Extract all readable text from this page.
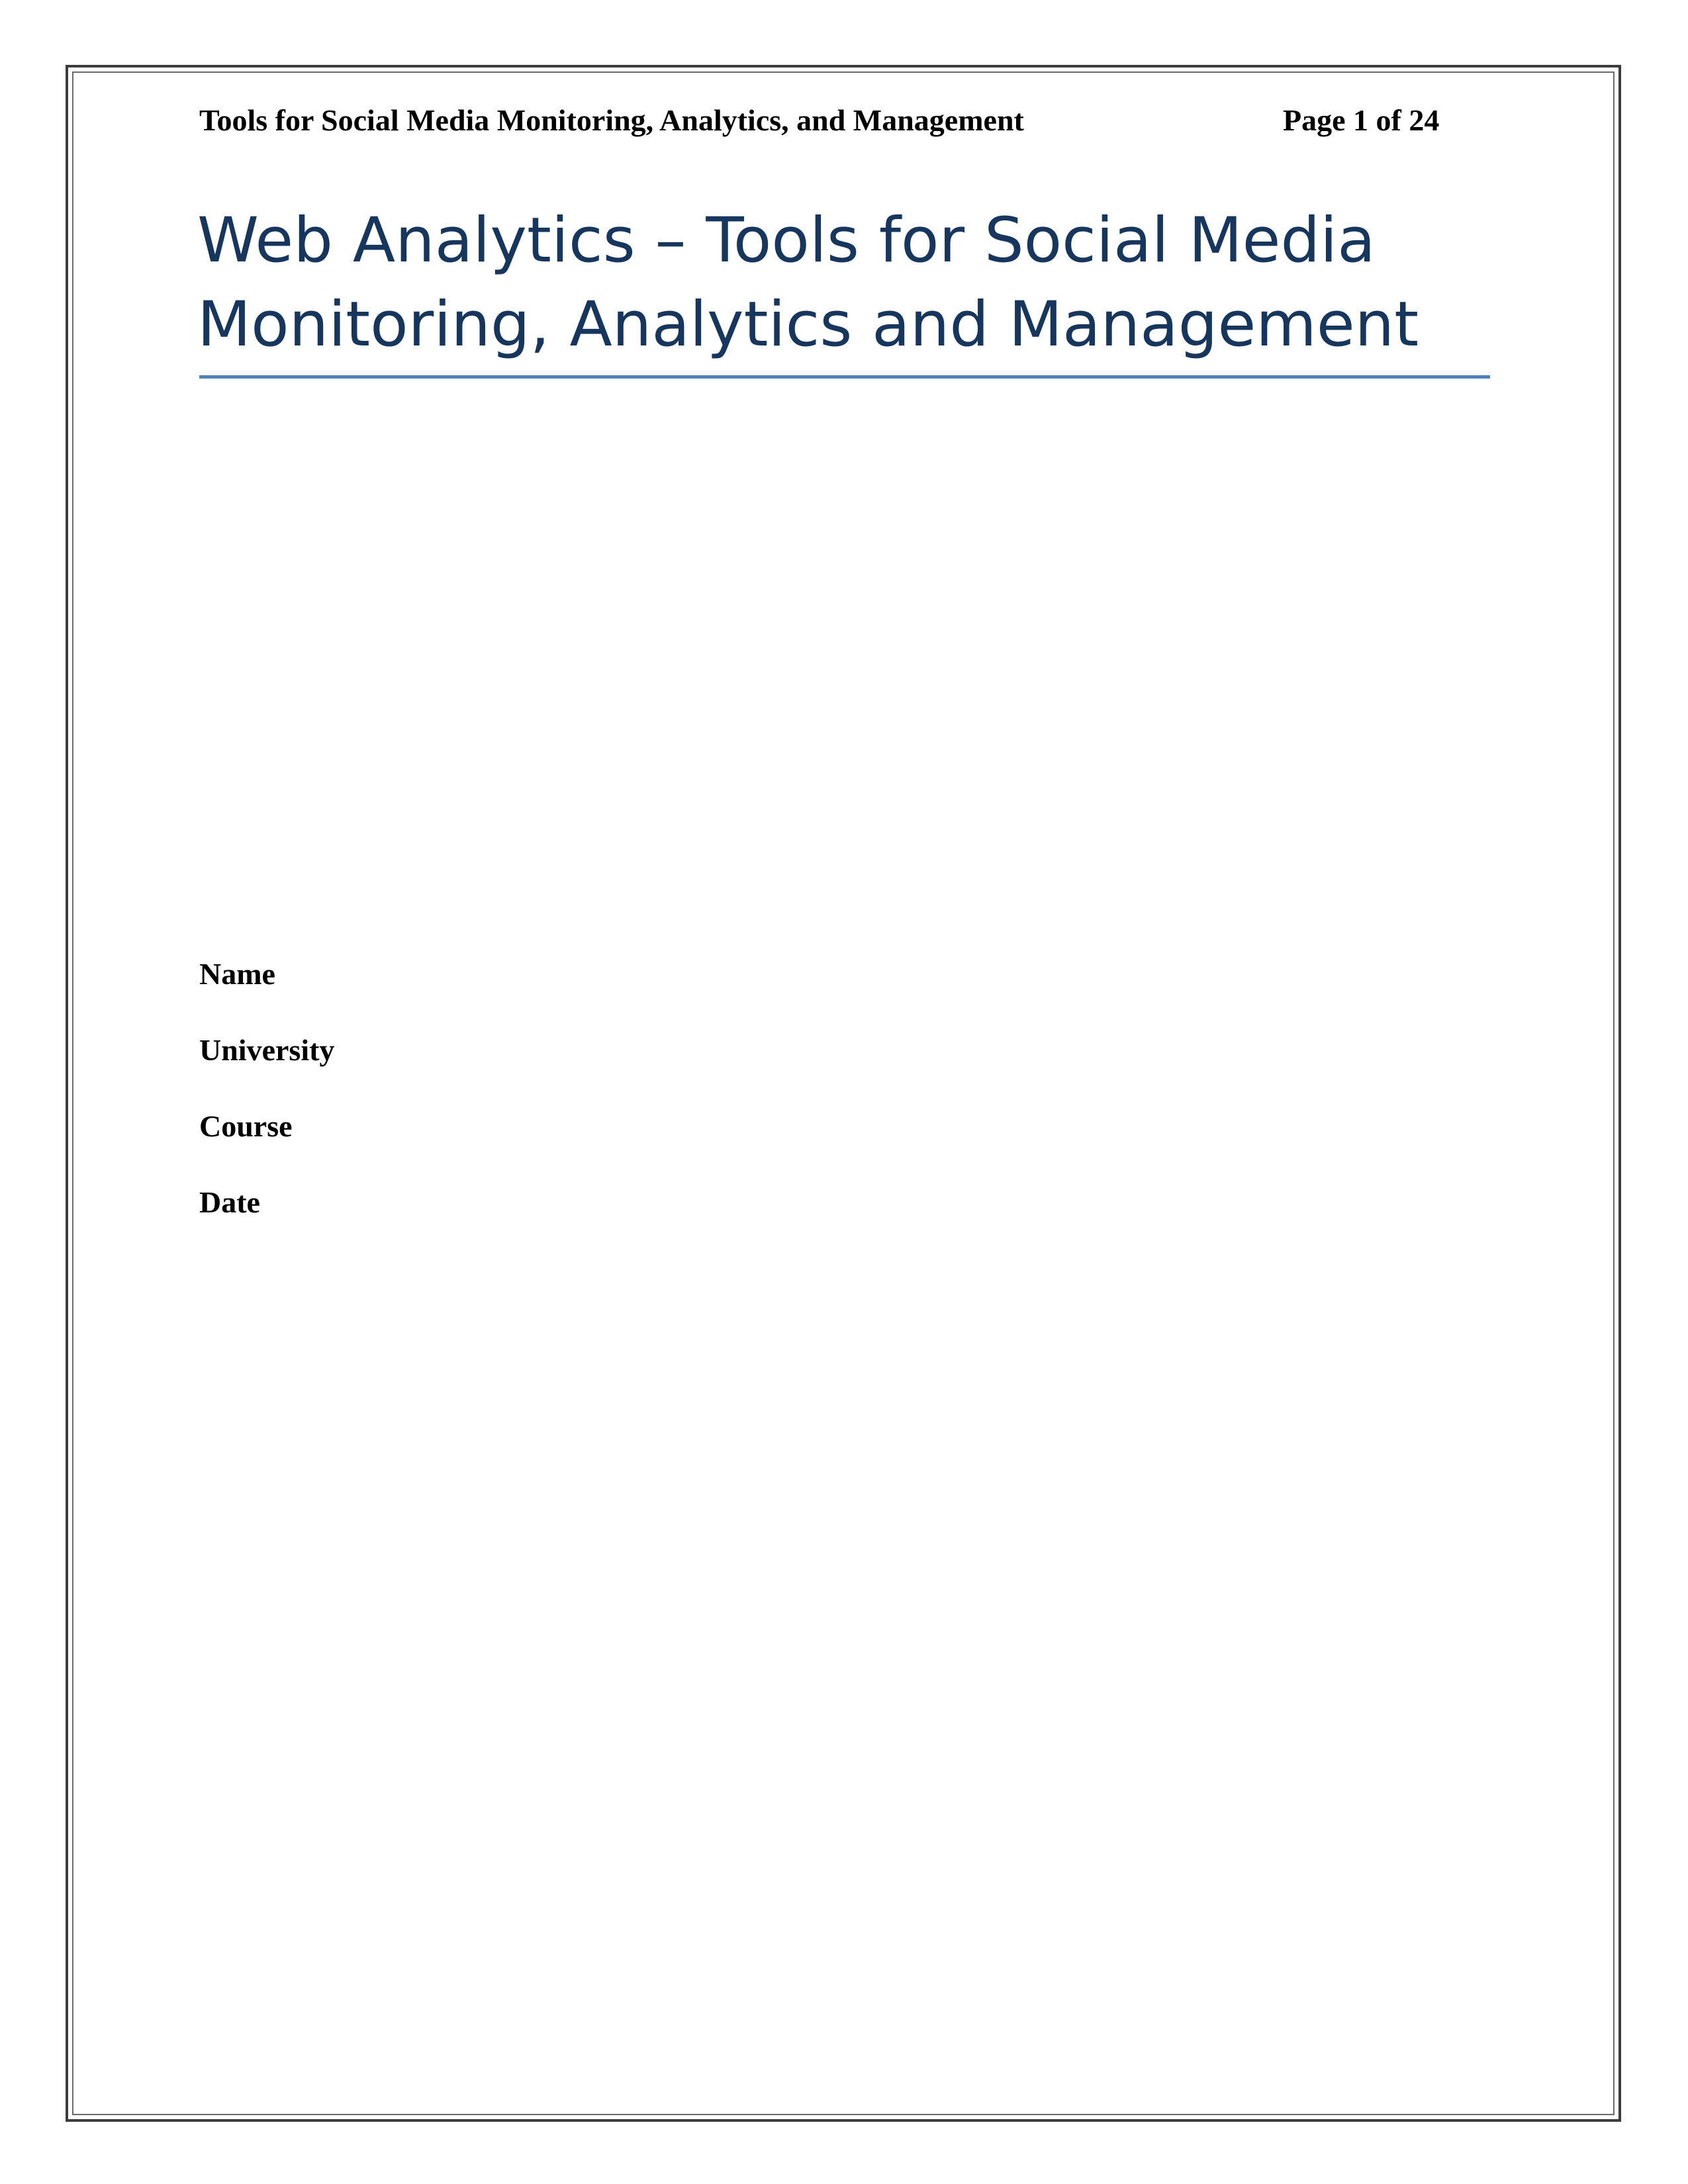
Tools for Social Media Monitoring, Analytics, and Management	Page 1 of 24
Web Analytics – Tools for Social Media
Monitoring, Analytics and Management
Name
University
Course
Date
